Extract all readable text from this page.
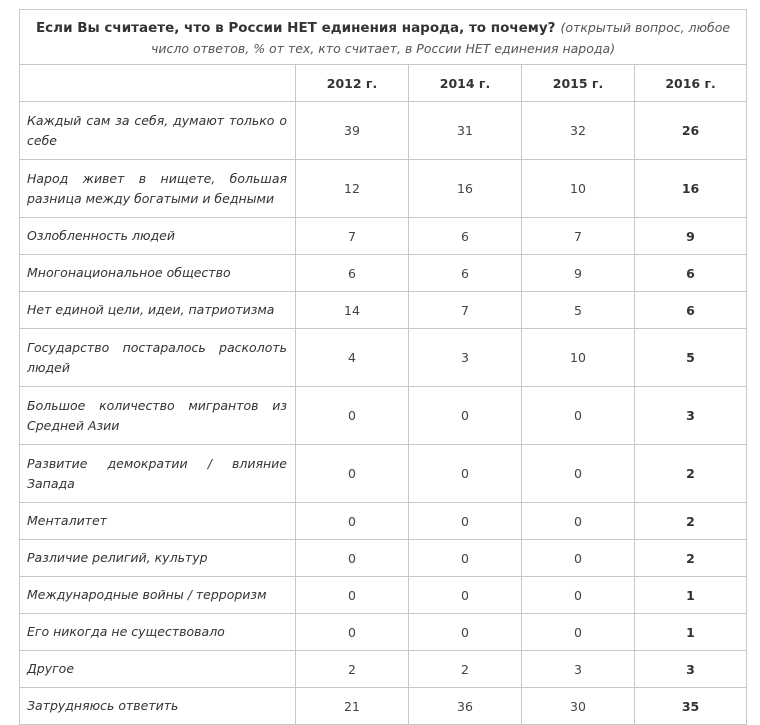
Если Вы считаете, что в России НЕТ единения народа, то почему? (открытый вопрос, любое число ответов, % от тех, кто считает, в России НЕТ единения народа)				
	2012 г.	2014 г.	2015 г.	2016 г.
Каждый сам за себя, думают только о себе	39	31	32	26
Народ живет в нищете, большая разница между богатыми и бедными	12	16	10	16
Озлобленность людей	7	6	7	9
Многонациональное общество	6	6	9	6
Нет единой цели, идеи, патриотизма	14	7	5	6
Государство постаралось расколоть людей	4	3	10	5
Большое количество мигрантов из Средней Азии	0	0	0	3
Развитие демократии / влияние Запада	0	0	0	2
Менталитет	0	0	0	2
Различие религий, культур	0	0	0	2
Международные войны / терроризм	0	0	0	1
Его никогда не существовало	0	0	0	1
Другое	2	2	3	3
Затрудняюсь ответить	21	36	30	35
